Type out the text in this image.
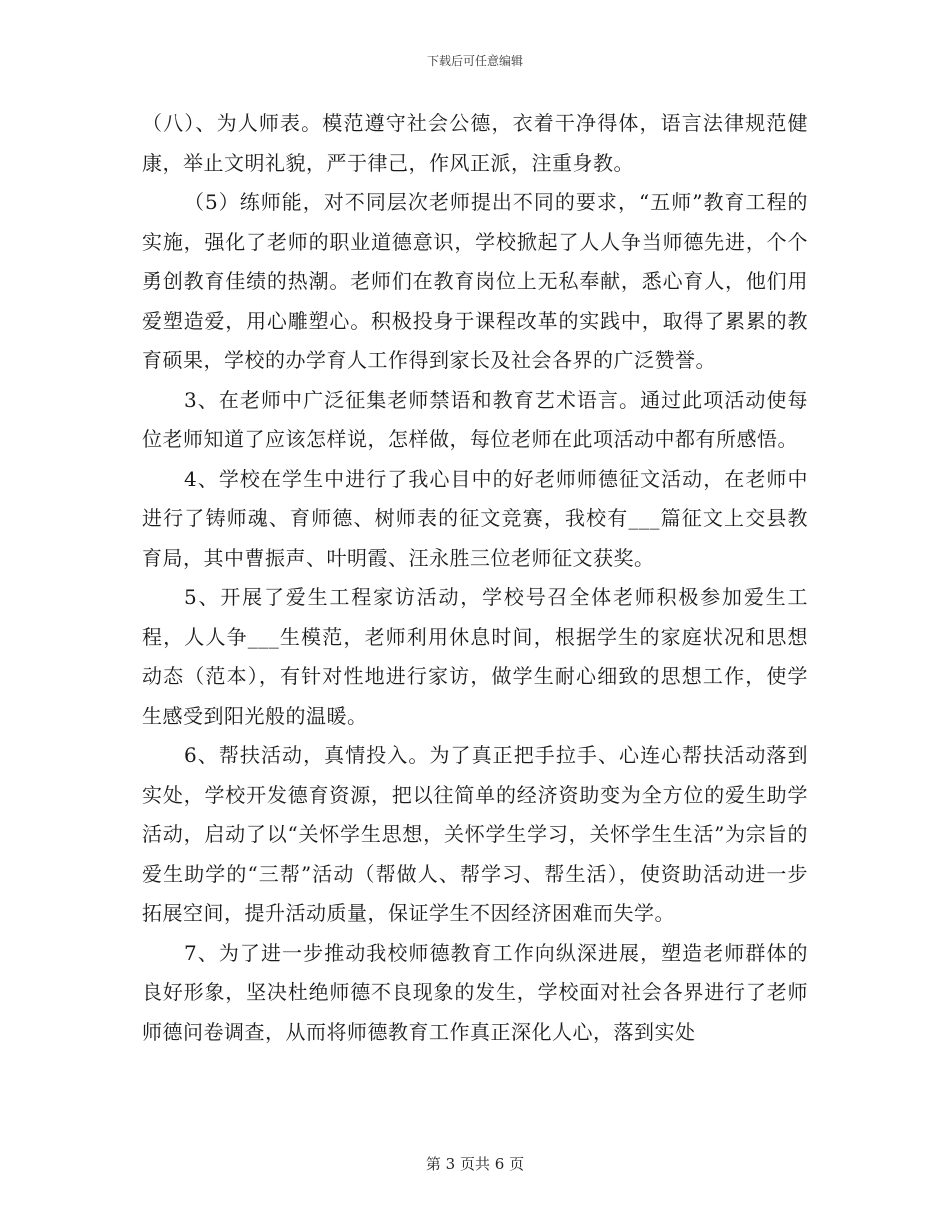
下载后可任意编辑

（八）、为人师表。模范遵守社会公德，衣着干净得体，语言法律规范健康，举止文明礼貌，严于律己，作风正派，注重身教。

（5）练师能，对不同层次老师提出不同的要求，“五师”教育工程的实施，强化了老师的职业道德意识，学校掀起了人人争当师德先进，个个勇创教育佳绩的热潮。老师们在教育岗位上无私奉献，悉心育人，他们用爱塑造爱，用心雕塑心。积极投身于课程改革的实践中，取得了累累的教育硕果，学校的办学育人工作得到家长及社会各界的广泛赞誉。

3、在老师中广泛征集老师禁语和教育艺术语言。通过此项活动使每位老师知道了应该怎样说，怎样做，每位老师在此项活动中都有所感悟。

4、学校在学生中进行了我心目中的好老师师德征文活动，在老师中进行了铸师魂、育师德、树师表的征文竞赛，我校有___篇征文上交县教育局，其中曹振声、叶明霞、汪永胜三位老师征文获奖。

5、开展了爱生工程家访活动，学校号召全体老师积极参加爱生工程，人人争___生模范，老师利用休息时间，根据学生的家庭状况和思想动态（范本），有针对性地进行家访，做学生耐心细致的思想工作，使学生感受到阳光般的温暖。

6、帮扶活动，真情投入。为了真正把手拉手、心连心帮扶活动落到实处，学校开发德育资源，把以往简单的经济资助变为全方位的爱生助学活动，启动了以“关怀学生思想，关怀学生学习，关怀学生生活”为宗旨的爱生助学的“三帮”活动（帮做人、帮学习、帮生活），使资助活动进一步拓展空间，提升活动质量，保证学生不因经济困难而失学。

7、为了进一步推动我校师德教育工作向纵深进展，塑造老师群体的良好形象，坚决杜绝师德不良现象的发生，学校面对社会各界进行了老师师德问卷调查，从而将师德教育工作真正深化人心，落到实处

第 3 页共 6 页
